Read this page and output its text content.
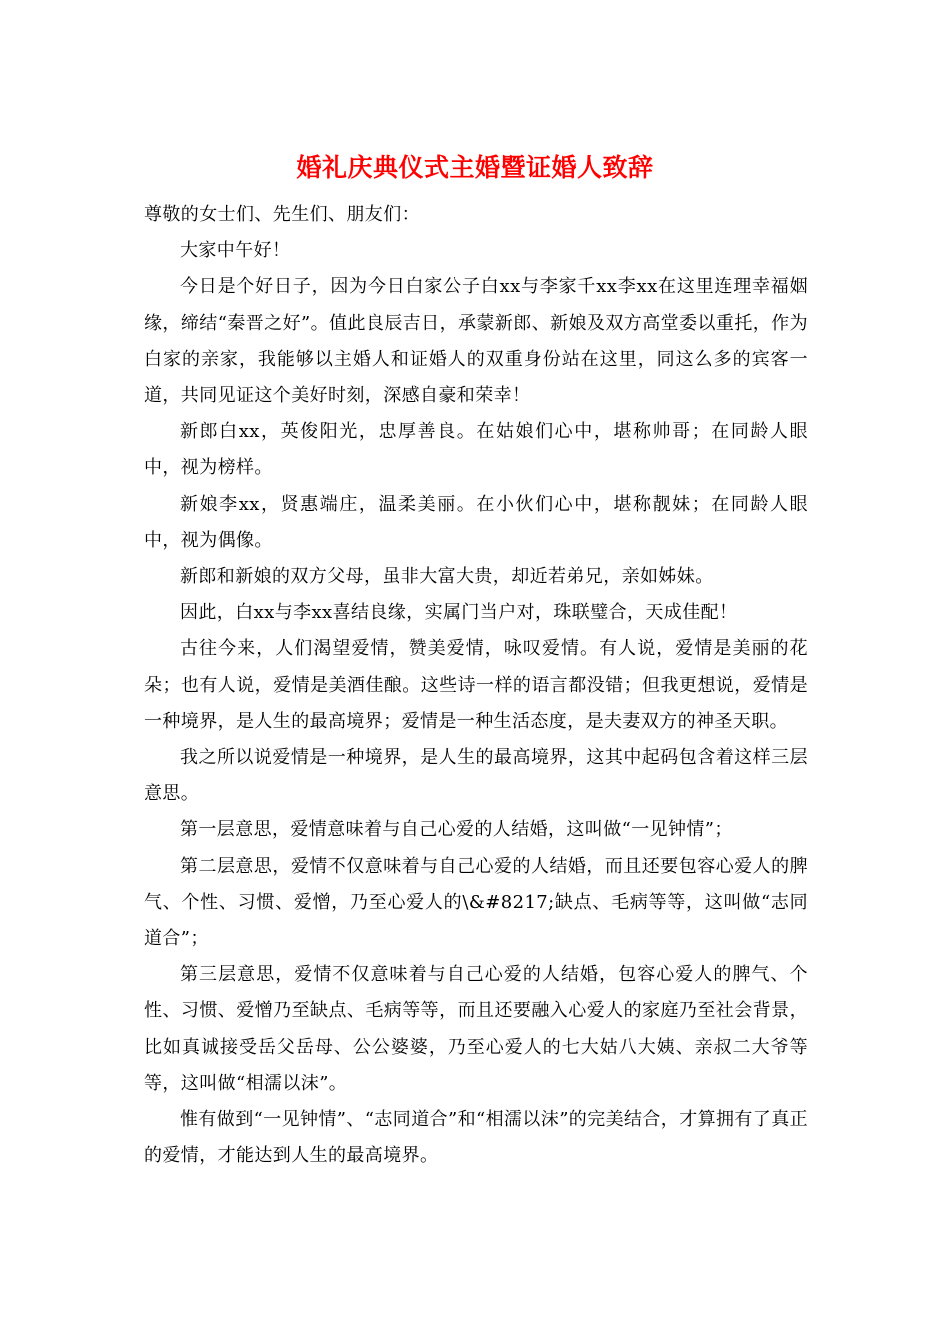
婚礼庆典仪式主婚暨证婚人致辞

尊敬的女士们、先生们、朋友们：

大家中午好！

今日是个好日子，因为今日白家公子白xx与李家千xx李xx在这里连理幸福姻缘，缔结“秦晋之好”。值此良辰吉日，承蒙新郎、新娘及双方高堂委以重托，作为白家的亲家，我能够以主婚人和证婚人的双重身份站在这里，同这么多的宾客一道，共同见证这个美好时刻，深感自豪和荣幸！

新郎白xx，英俊阳光，忠厚善良。在姑娘们心中，堪称帅哥；在同龄人眼中，视为榜样。

新娘李xx，贤惠端庄，温柔美丽。在小伙们心中，堪称靓妹；在同龄人眼中，视为偶像。

新郎和新娘的双方父母，虽非大富大贵，却近若弟兄，亲如姊妹。

因此，白xx与李xx喜结良缘，实属门当户对，珠联璧合，天成佳配！

古往今来，人们渴望爱情，赞美爱情，咏叹爱情。有人说，爱情是美丽的花朵；也有人说，爱情是美酒佳酿。这些诗一样的语言都没错；但我更想说，爱情是一种境界，是人生的最高境界；爱情是一种生活态度，是夫妻双方的神圣天职。

我之所以说爱情是一种境界，是人生的最高境界，这其中起码包含着这样三层意思。

第一层意思，爱情意味着与自己心爱的人结婚，这叫做“一见钟情”；

第二层意思，爱情不仅意味着与自己心爱的人结婚，而且还要包容心爱人的脾气、个性、习惯、爱憎，乃至心爱人的\&#8217;缺点、毛病等等，这叫做“志同道合”；

第三层意思，爱情不仅意味着与自己心爱的人结婚，包容心爱人的脾气、个性、习惯、爱憎乃至缺点、毛病等等，而且还要融入心爱人的家庭乃至社会背景，比如真诚接受岳父岳母、公公婆婆，乃至心爱人的七大姑八大姨、亲叔二大爷等等，这叫做“相濡以沫”。

惟有做到“一见钟情”、“志同道合”和“相濡以沫”的完美结合，才算拥有了真正的爱情，才能达到人生的最高境界。
